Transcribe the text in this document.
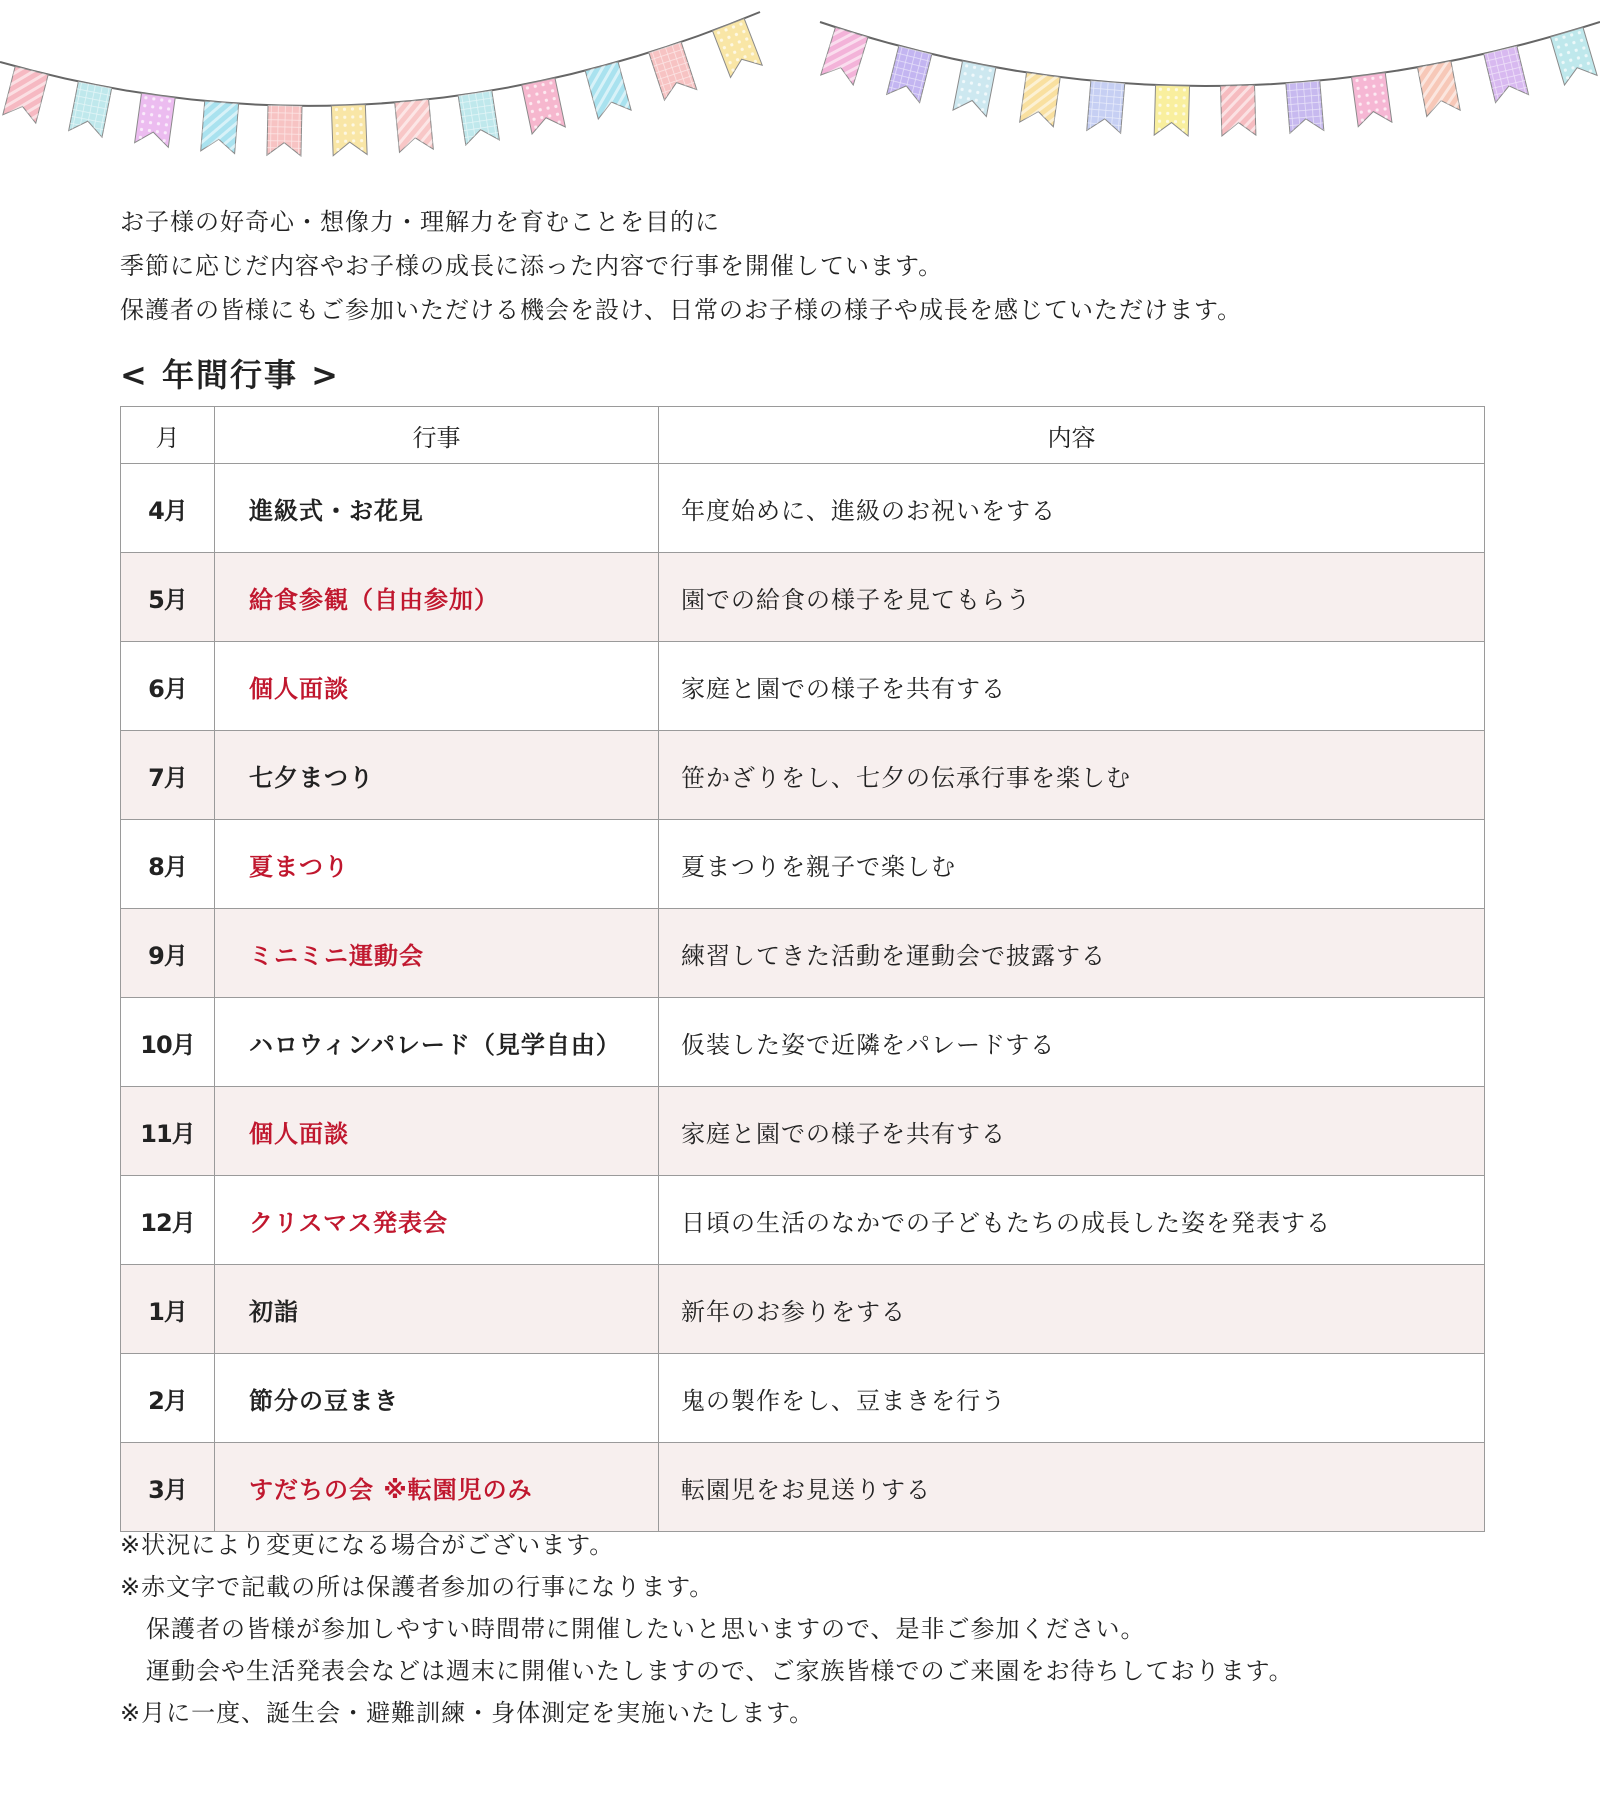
お子様の好奇心・想像力・理解力を育むことを目的に

季節に応じだ内容やお子様の成長に添った内容で行事を開催しています。

保護者の皆様にもご参加いただける機会を設け、日常のお子様の様子や成長を感じていただけます。

< 年間行事 >
月	行事	内容
4月	進級式・お花見	年度始めに、進級のお祝いをする
5月	給食参観（自由参加）	園での給食の様子を見てもらう
6月	個人面談	家庭と園での様子を共有する
7月	七夕まつり	笹かざりをし、七夕の伝承行事を楽しむ
8月	夏まつり	夏まつりを親子で楽しむ
9月	ミニミニ運動会	練習してきた活動を運動会で披露する
10月	ハロウィンパレード（見学自由）	仮装した姿で近隣をパレードする
11月	個人面談	家庭と園での様子を共有する
12月	クリスマス発表会	日頃の生活のなかでの子どもたちの成長した姿を発表する
1月	初詣	新年のお参りをする
2月	節分の豆まき	鬼の製作をし、豆まきを行う
3月	すだちの会 ※転園児のみ	転園児をお見送りする

※状況により変更になる場合がございます。

※赤文字で記載の所は保護者参加の行事になります。

保護者の皆様が参加しやすい時間帯に開催したいと思いますので、是非ご参加ください。

運動会や生活発表会などは週末に開催いたしますので、ご家族皆様でのご来園をお待ちしております。

※月に一度、誕生会・避難訓練・身体測定を実施いたします。
